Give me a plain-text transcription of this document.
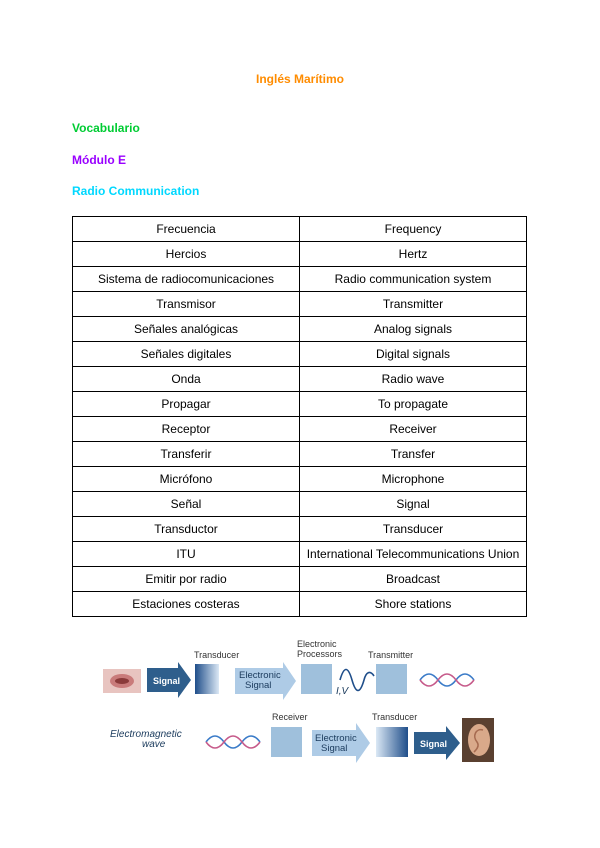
Inglés Marítimo
Vocabulario
Módulo E
Radio Communication
Frecuencia	Frequency
Hercios	Hertz
Sistema de radiocomunicaciones	Radio communication system
Transmisor	Transmitter
Señales analógicas	Analog signals
Señales digitales	Digital signals
Onda	Radio wave
Propagar	To propagate
Receptor	Receiver
Transferir	Transfer
Micrófono	Microphone
Señal	Signal
Transductor	Transducer
ITU	International Telecommunications Union
Emitir por radio	Broadcast
Estaciones costeras	Shore stations
Signal
Transducer
Electronic
Signal
Electronic
Processors
I,V
Transmitter
Electromagnetic
wave
Receiver
Electronic
Signal
Transducer
Signal
